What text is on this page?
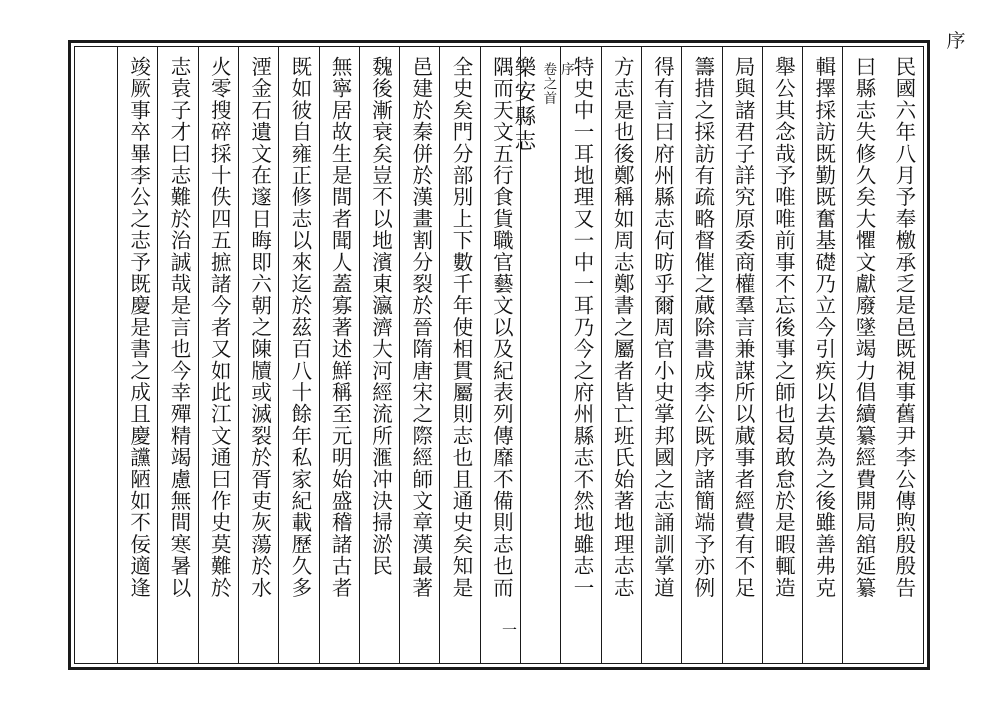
序
民國六年八月予奉檄承乏是邑既視事舊尹李公傳煦殷殷告
曰縣志失修久矣大懼文獻廢墜竭力倡續纂經費開局舘延纂
輯擇採訪既勤既奮基礎乃立今引疾以去莫為之後雖善弗克
舉公其念哉予唯唯前事不忘後事之師也曷敢怠於是暇輒造
局與諸君子詳究原委商權羣言兼謀所以蕆事者經費有不足
籌措之採訪有疏略督催之蕆除書成李公既序諸簡端予亦例
得有言曰府州縣志何昉乎爾周官小史掌邦國之志誦訓掌道
方志是也後鄭稱如周志鄭書之屬者皆亡班氏始著地理志志
特史中一耳地理又一中一耳乃今之府州縣志不然地雖志一
樂安縣志 卷之首 序
隅而天文五行食貨職官藝文以及紀表列傳靡不備則志也而
一
全史矣門分部別上下數千年使相貫屬則志也且通史矣知是
邑建於秦併於漢畫割分裂於晉隋唐宋之際經師文章漢最著
魏後漸衰矣豈不以地濱東瀛濟大河經流所滙冲決掃淤民
無寧居故生是間者聞人蓋寡著述鮮稱至元明始盛稽諸古者
既如彼自雍正修志以來迄於茲百八十餘年私家紀載歷久多
湮金石遺文在邃日晦即六朝之陳牘或滅裂於胥吏灰蕩於水
火零搜碎採十佚四五摭諸今者又如此江文通曰作史莫難於
志袁子才曰志難於治誠哉是言也今幸殫精竭慮無間寒暑以
竣厥事卒畢李公之志予既慶是書之成且慶讜陋如不佞適逢
